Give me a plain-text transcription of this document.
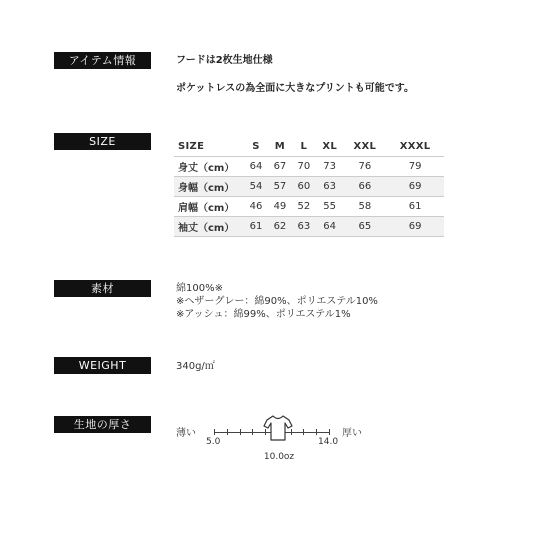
アイテム情報	フードは2枚生地仕様
ポケットレスの為全面に大きなプリントも可能です。
SIZE	SIZE	S	M	L	XL	XXL	XXXL
身丈（cm）	64	67	70	73	76	79
身幅（cm）	54	57	60	63	66	69
肩幅（cm）	46	49	52	55	58	61
袖丈（cm）	61	62	63	64	65	69
素材	綿100%※
※ヘザーグレー：綿90%、ポリエステル10%
※アッシュ：綿99%、ポリエステル1%
WEIGHT	340g/㎡
生地の厚さ
薄い	厚い
5.0	14.0
10.0oz
